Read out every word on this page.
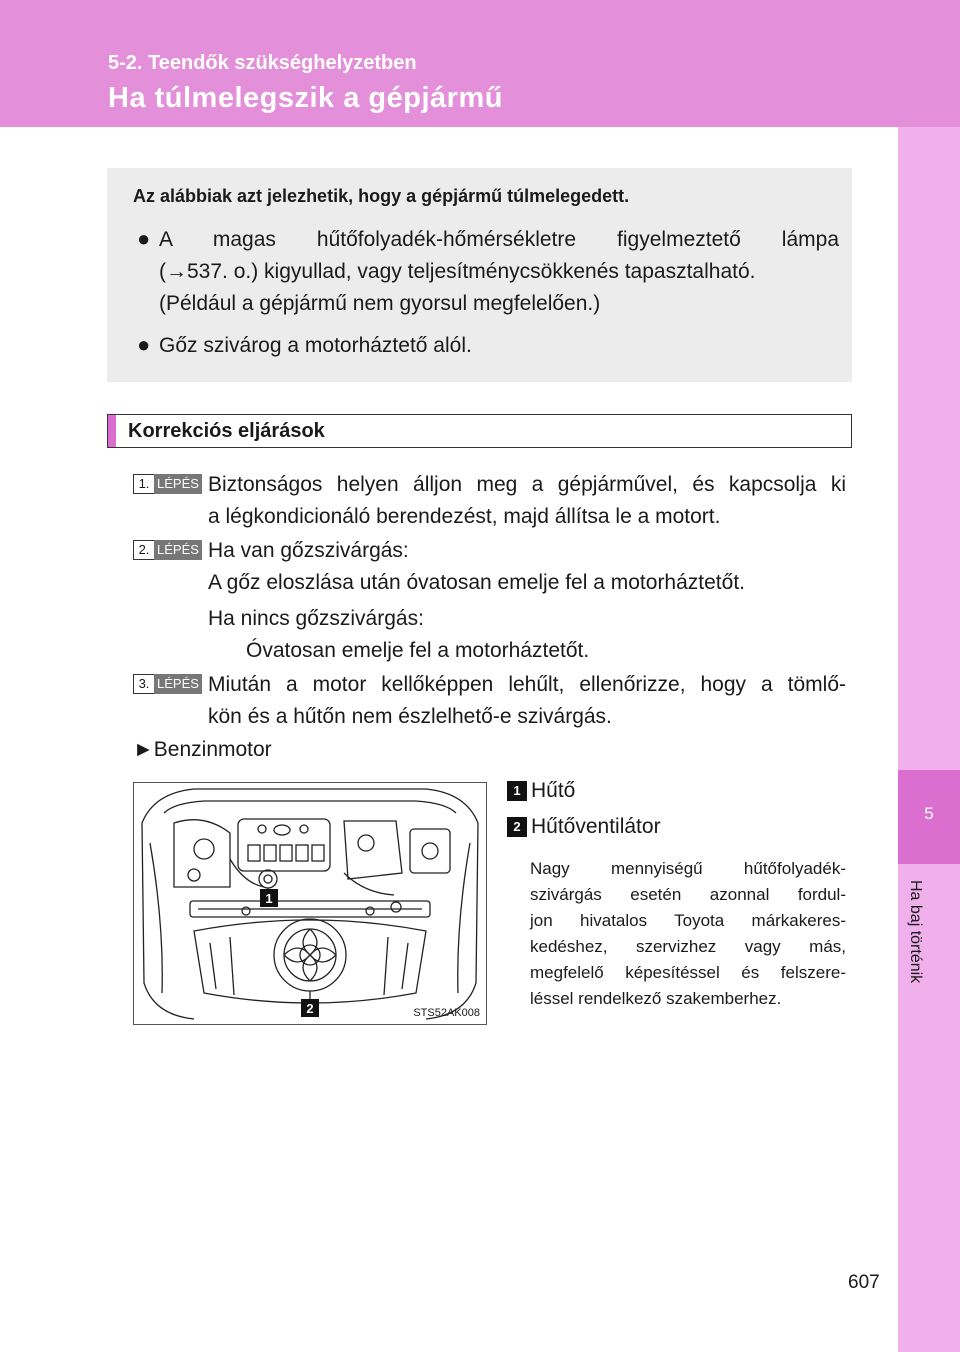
5-2. Teendők szükséghelyzetben
Ha túlmelegszik a gépjármű
5
Ha baj történik
Az alábbiak azt jelezhetik, hogy a gépjármű túlmelegedett.
● A magas hűtőfolyadék-hőmérsékletre figyelmeztető lámpa
(→537. o.) kigyullad, vagy teljesítménycsökkenés tapasztalható.
(Például a gépjármű nem gyorsul megfelelően.)
● Gőz szivárog a motorháztető alól.
Korrekciós eljárások
1. LÉPÉS Biztonságos helyen álljon meg a gépjárművel, és kapcsolja ki
a légkondicionáló berendezést, majd állítsa le a motort.
2. LÉPÉS Ha van gőzszivárgás:
A gőz eloszlása után óvatosan emelje fel a motorháztetőt.
Ha nincs gőzszivárgás:
Óvatosan emelje fel a motorháztetőt.
3. LÉPÉS Miután a motor kellőképpen lehűlt, ellenőrizze, hogy a tömlő-
kön és a hűtőn nem észlelhető-e szivárgás.
►Benzinmotor
1
2	STS52AK008
1 Hűtő
2 Hűtőventilátor
Nagy mennyiségű hűtőfolyadék-
szivárgás esetén azonnal fordul-
jon hivatalos Toyota márkakeres-
kedéshez, szervizhez vagy más,
megfelelő képesítéssel és felszere-
léssel rendelkező szakemberhez.
607
